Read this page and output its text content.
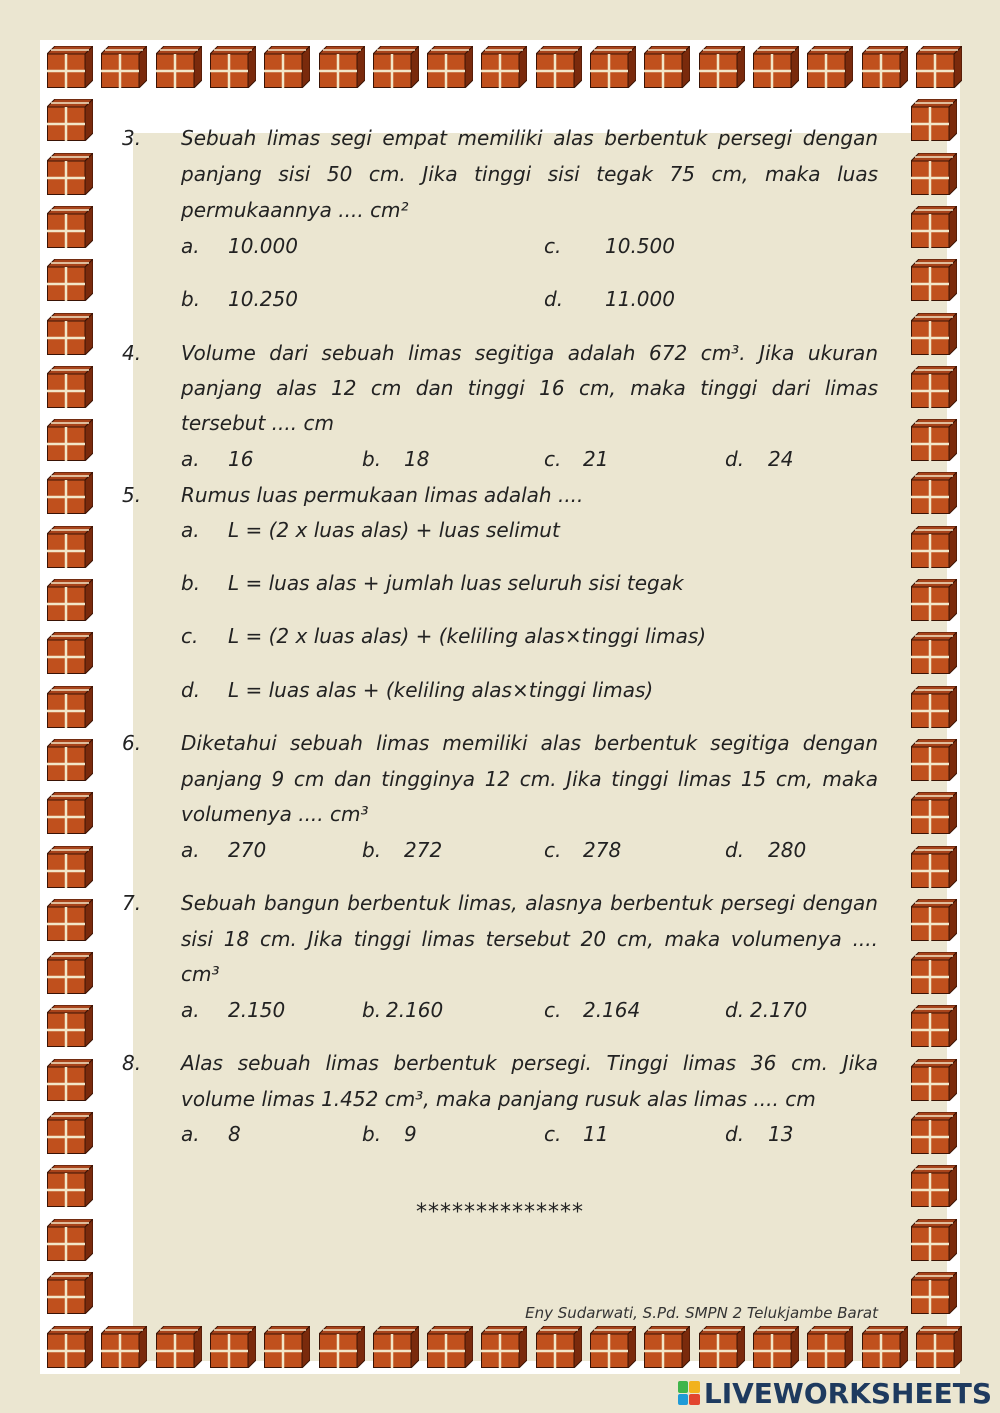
3. Sebuah limas segi empat memiliki alas berbentuk persegi dengan
panjang sisi 50 cm. Jika tinggi sisi tegak 75 cm, maka luas
permukaannya .... cm²
a. 10.000	c. 10.500
b. 10.250	d. 11.000
4. Volume dari sebuah limas segitiga adalah 672 cm³. Jika ukuran
panjang alas 12 cm dan tinggi 16 cm, maka tinggi dari limas
tersebut .... cm
a. 16	b. 18	c. 21	d. 24
5. Rumus luas permukaan limas adalah ....
a. L = (2 x luas alas) + luas selimut
b. L = luas alas + jumlah luas seluruh sisi tegak
c. L = (2 x luas alas) + (keliling alas×tinggi limas)
d. L = luas alas + (keliling alas×tinggi limas)
6. Diketahui sebuah limas memiliki alas berbentuk segitiga dengan
panjang 9 cm dan tingginya 12 cm. Jika tinggi limas 15 cm, maka
volumenya .... cm³
a. 270	b. 272	c. 278	d. 280
7. Sebuah bangun berbentuk limas, alasnya berbentuk persegi dengan
sisi 18 cm. Jika tinggi limas tersebut 20 cm, maka volumenya ....
cm³
a. 2.150	b. 2.160	c. 2.164	d. 2.170
8. Alas sebuah limas berbentuk persegi. Tinggi limas 36 cm. Jika
volume limas 1.452 cm³, maka panjang rusuk alas limas .... cm
a. 8	b. 9	c. 11	d. 13
**************
Eny Sudarwati, S.Pd. SMPN 2 Telukjambe Barat
LIVEWORKSHEETS
